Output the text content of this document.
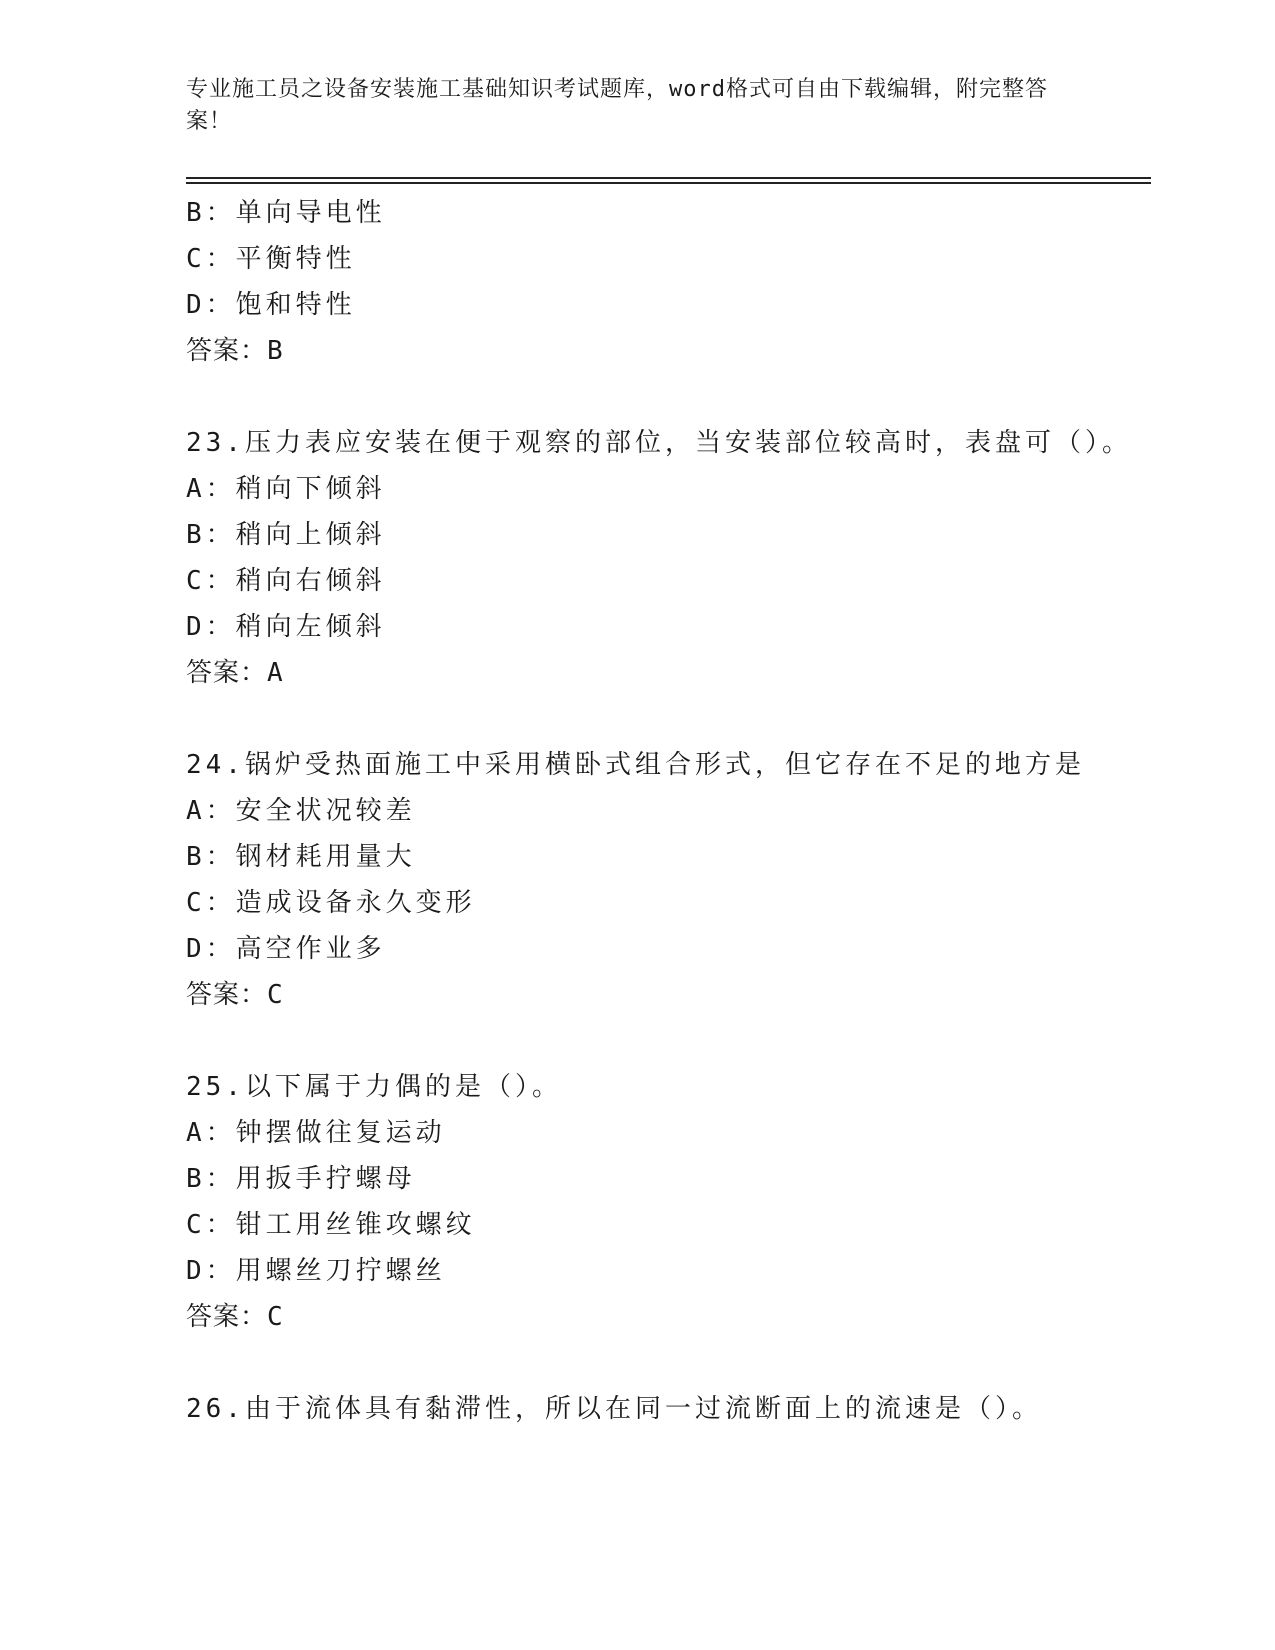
专业施工员之设备安装施工基础知识考试题库，word格式可自由下载编辑，附完整答案！

B：单向导电性
C：平衡特性
D：饱和特性
答案：B
23.压力表应安装在便于观察的部位，当安装部位较高时，表盘可（）。
A：稍向下倾斜
B：稍向上倾斜
C：稍向右倾斜
D：稍向左倾斜
答案：A
24.锅炉受热面施工中采用横卧式组合形式，但它存在不足的地方是
A：安全状况较差
B：钢材耗用量大
C：造成设备永久变形
D：高空作业多
答案：C
25.以下属于力偶的是（）。
A：钟摆做往复运动
B：用扳手拧螺母
C：钳工用丝锥攻螺纹
D：用螺丝刀拧螺丝
答案：C
26.由于流体具有黏滞性，所以在同一过流断面上的流速是（）。
